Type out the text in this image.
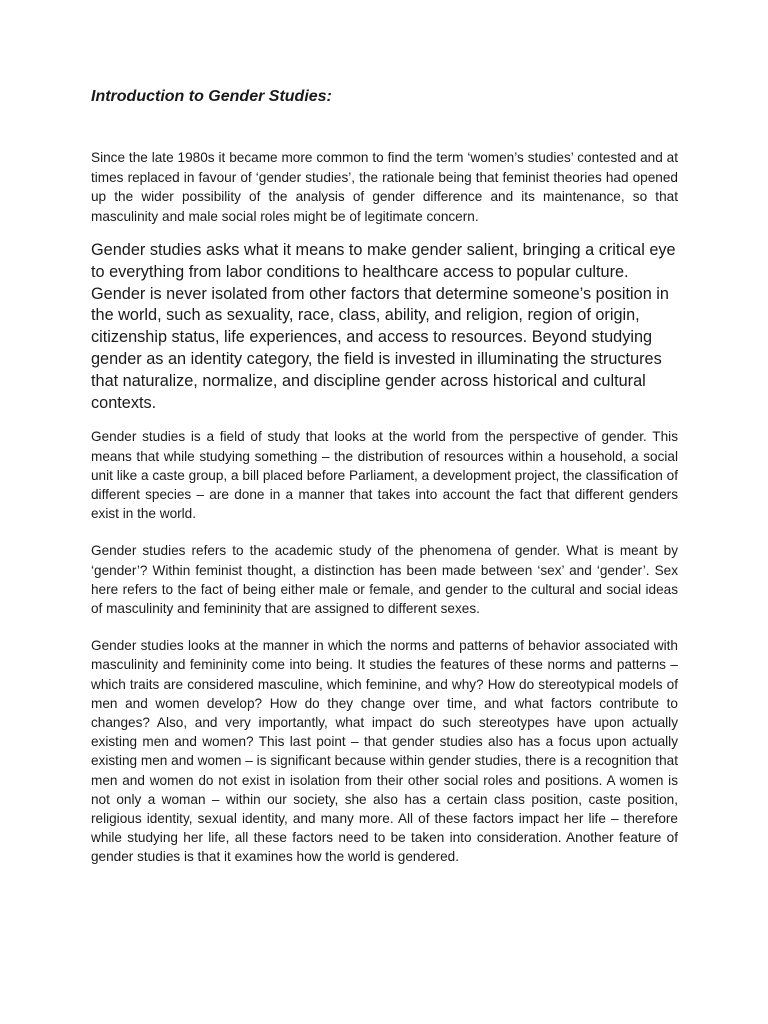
Introduction to Gender Studies:

Since the late 1980s it became more common to find the term ‘women’s studies’ contested and at times replaced in favour of ‘gender studies’, the rationale being that feminist theories had opened up the wider possibility of the analysis of gender difference and its maintenance, so that masculinity and male social roles might be of legitimate concern.

Gender studies asks what it means to make gender salient, bringing a critical eye to everything from labor conditions to healthcare access to popular culture. Gender is never isolated from other factors that determine someone’s position in the world, such as sexuality, race, class, ability, and religion, region of origin, citizenship status, life experiences, and access to resources. Beyond studying gender as an identity category, the field is invested in illuminating the structures that naturalize, normalize, and discipline gender across historical and cultural contexts.

Gender studies is a field of study that looks at the world from the perspective of gender. This means that while studying something – the distribution of resources within a household, a social unit like a caste group, a bill placed before Parliament, a development project, the classification of different species – are done in a manner that takes into account the fact that different genders exist in the world.

Gender studies refers to the academic study of the phenomena of gender. What is meant by ‘gender’? Within feminist thought, a distinction has been made between ‘sex’ and ‘gender’. Sex here refers to the fact of being either male or female, and gender to the cultural and social ideas of masculinity and femininity that are assigned to different sexes.

Gender studies looks at the manner in which the norms and patterns of behavior associated with masculinity and femininity come into being. It studies the features of these norms and patterns – which traits are considered masculine, which feminine, and why? How do stereotypical models of men and women develop? How do they change over time, and what factors contribute to changes? Also, and very importantly, what impact do such stereotypes have upon actually existing men and women? This last point – that gender studies also has a focus upon actually existing men and women – is significant because within gender studies, there is a recognition that men and women do not exist in isolation from their other social roles and positions. A women is not only a woman – within our society, she also has a certain class position, caste position, religious identity, sexual identity, and many more. All of these factors impact her life – therefore while studying her life, all these factors need to be taken into consideration. Another feature of gender studies is that it examines how the world is gendered.
